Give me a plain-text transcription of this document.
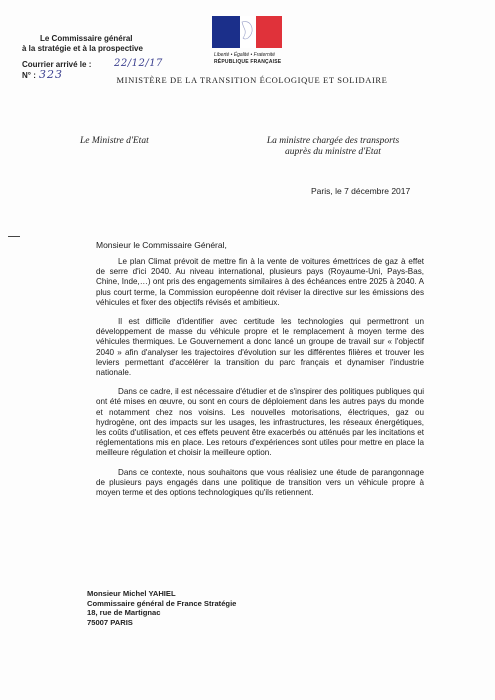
Le Commissaire général
à la stratégie et à la prospective
Courrier arrivé le : 22/12/17
N° : 323
Liberté • Égalité • Fraternité
RÉPUBLIQUE FRANÇAISE
MINISTÈRE DE LA TRANSITION ÉCOLOGIQUE ET SOLIDAIRE
Le Ministre d'Etat	La ministre chargée des transports
auprès du ministre d'Etat
Paris, le 7 décembre 2017
Monsieur le Commissaire Général,

Le plan Climat prévoit de mettre fin à la vente de voitures émettrices de gaz à effet de serre d'ici 2040. Au niveau international, plusieurs pays (Royaume-Uni, Pays-Bas, Chine, Inde,…) ont pris des engagements similaires à des échéances entre 2025 à 2040. A plus court terme, la Commission européenne doit réviser la directive sur les émissions des véhicules et fixer des objectifs révisés et ambitieux.

Il est difficile d'identifier avec certitude les technologies qui permettront un développement de masse du véhicule propre et le remplacement à moyen terme des véhicules thermiques. Le Gouvernement a donc lancé un groupe de travail sur « l'objectif 2040 » afin d'analyser les trajectoires d'évolution sur les différentes filières et trouver les leviers permettant d'accélérer la transition du parc français et dynamiser l'industrie nationale.

Dans ce cadre, il est nécessaire d'étudier et de s'inspirer des politiques publiques qui ont été mises en œuvre, ou sont en cours de déploiement dans les autres pays du monde et notamment chez nos voisins. Les nouvelles motorisations, électriques, gaz ou hydrogène, ont des impacts sur les usages, les infrastructures, les réseaux énergétiques, les coûts d'utilisation, et ces effets peuvent être exacerbés ou atténués par les incitations et réglementations mis en place. Les retours d'expériences sont utiles pour mettre en place la meilleure régulation et choisir la meilleure option.

Dans ce contexte, nous souhaitons que vous réalisiez une étude de parangonnage de plusieurs pays engagés dans une politique de transition vers un véhicule propre à moyen terme et des options technologiques qu'ils retiennent.

Monsieur Michel YAHIEL
Commissaire général de France Stratégie
18, rue de Martignac
75007 PARIS
